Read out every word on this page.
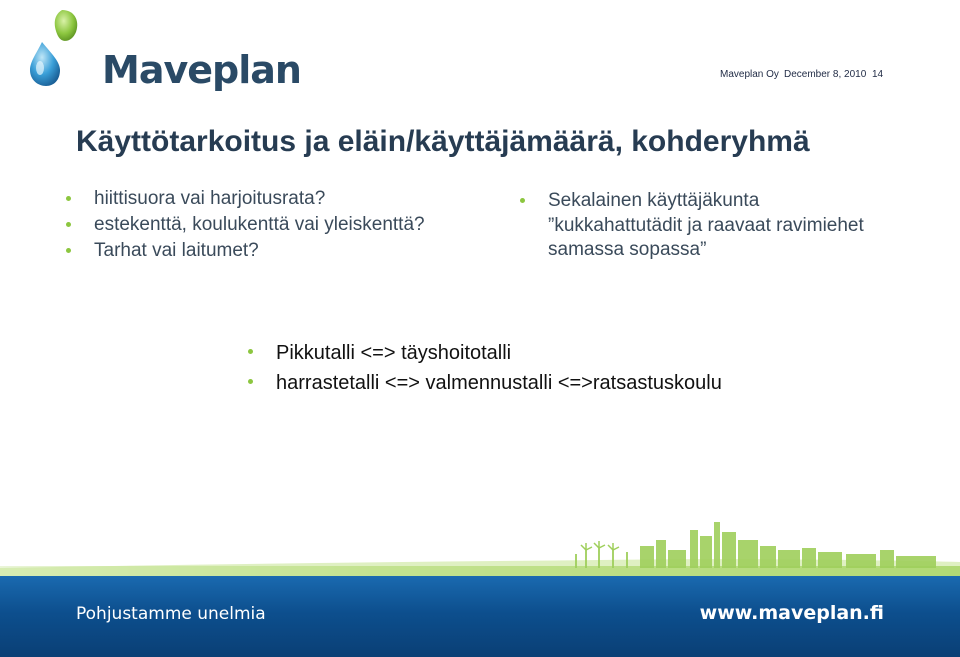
Maveplan	Maveplan Oy December 8, 2010 14
Käyttötarkoitus ja eläin/käyttäjämäärä, kohderyhmä
hiittisuora vai harjoitusrata?
estekenttä, koulukenttä vai yleiskenttä?
Tarhat vai laitumet?
Sekalainen käyttäjäkunta
”kukkahattutädit ja raavaat ravimiehet
samassa sopassa”
Pikkutalli <=> täyshoitotalli
harrastetalli <=> valmennustalli <=>ratsastuskoulu
Pohjustamme unelmia	www.maveplan.fi
